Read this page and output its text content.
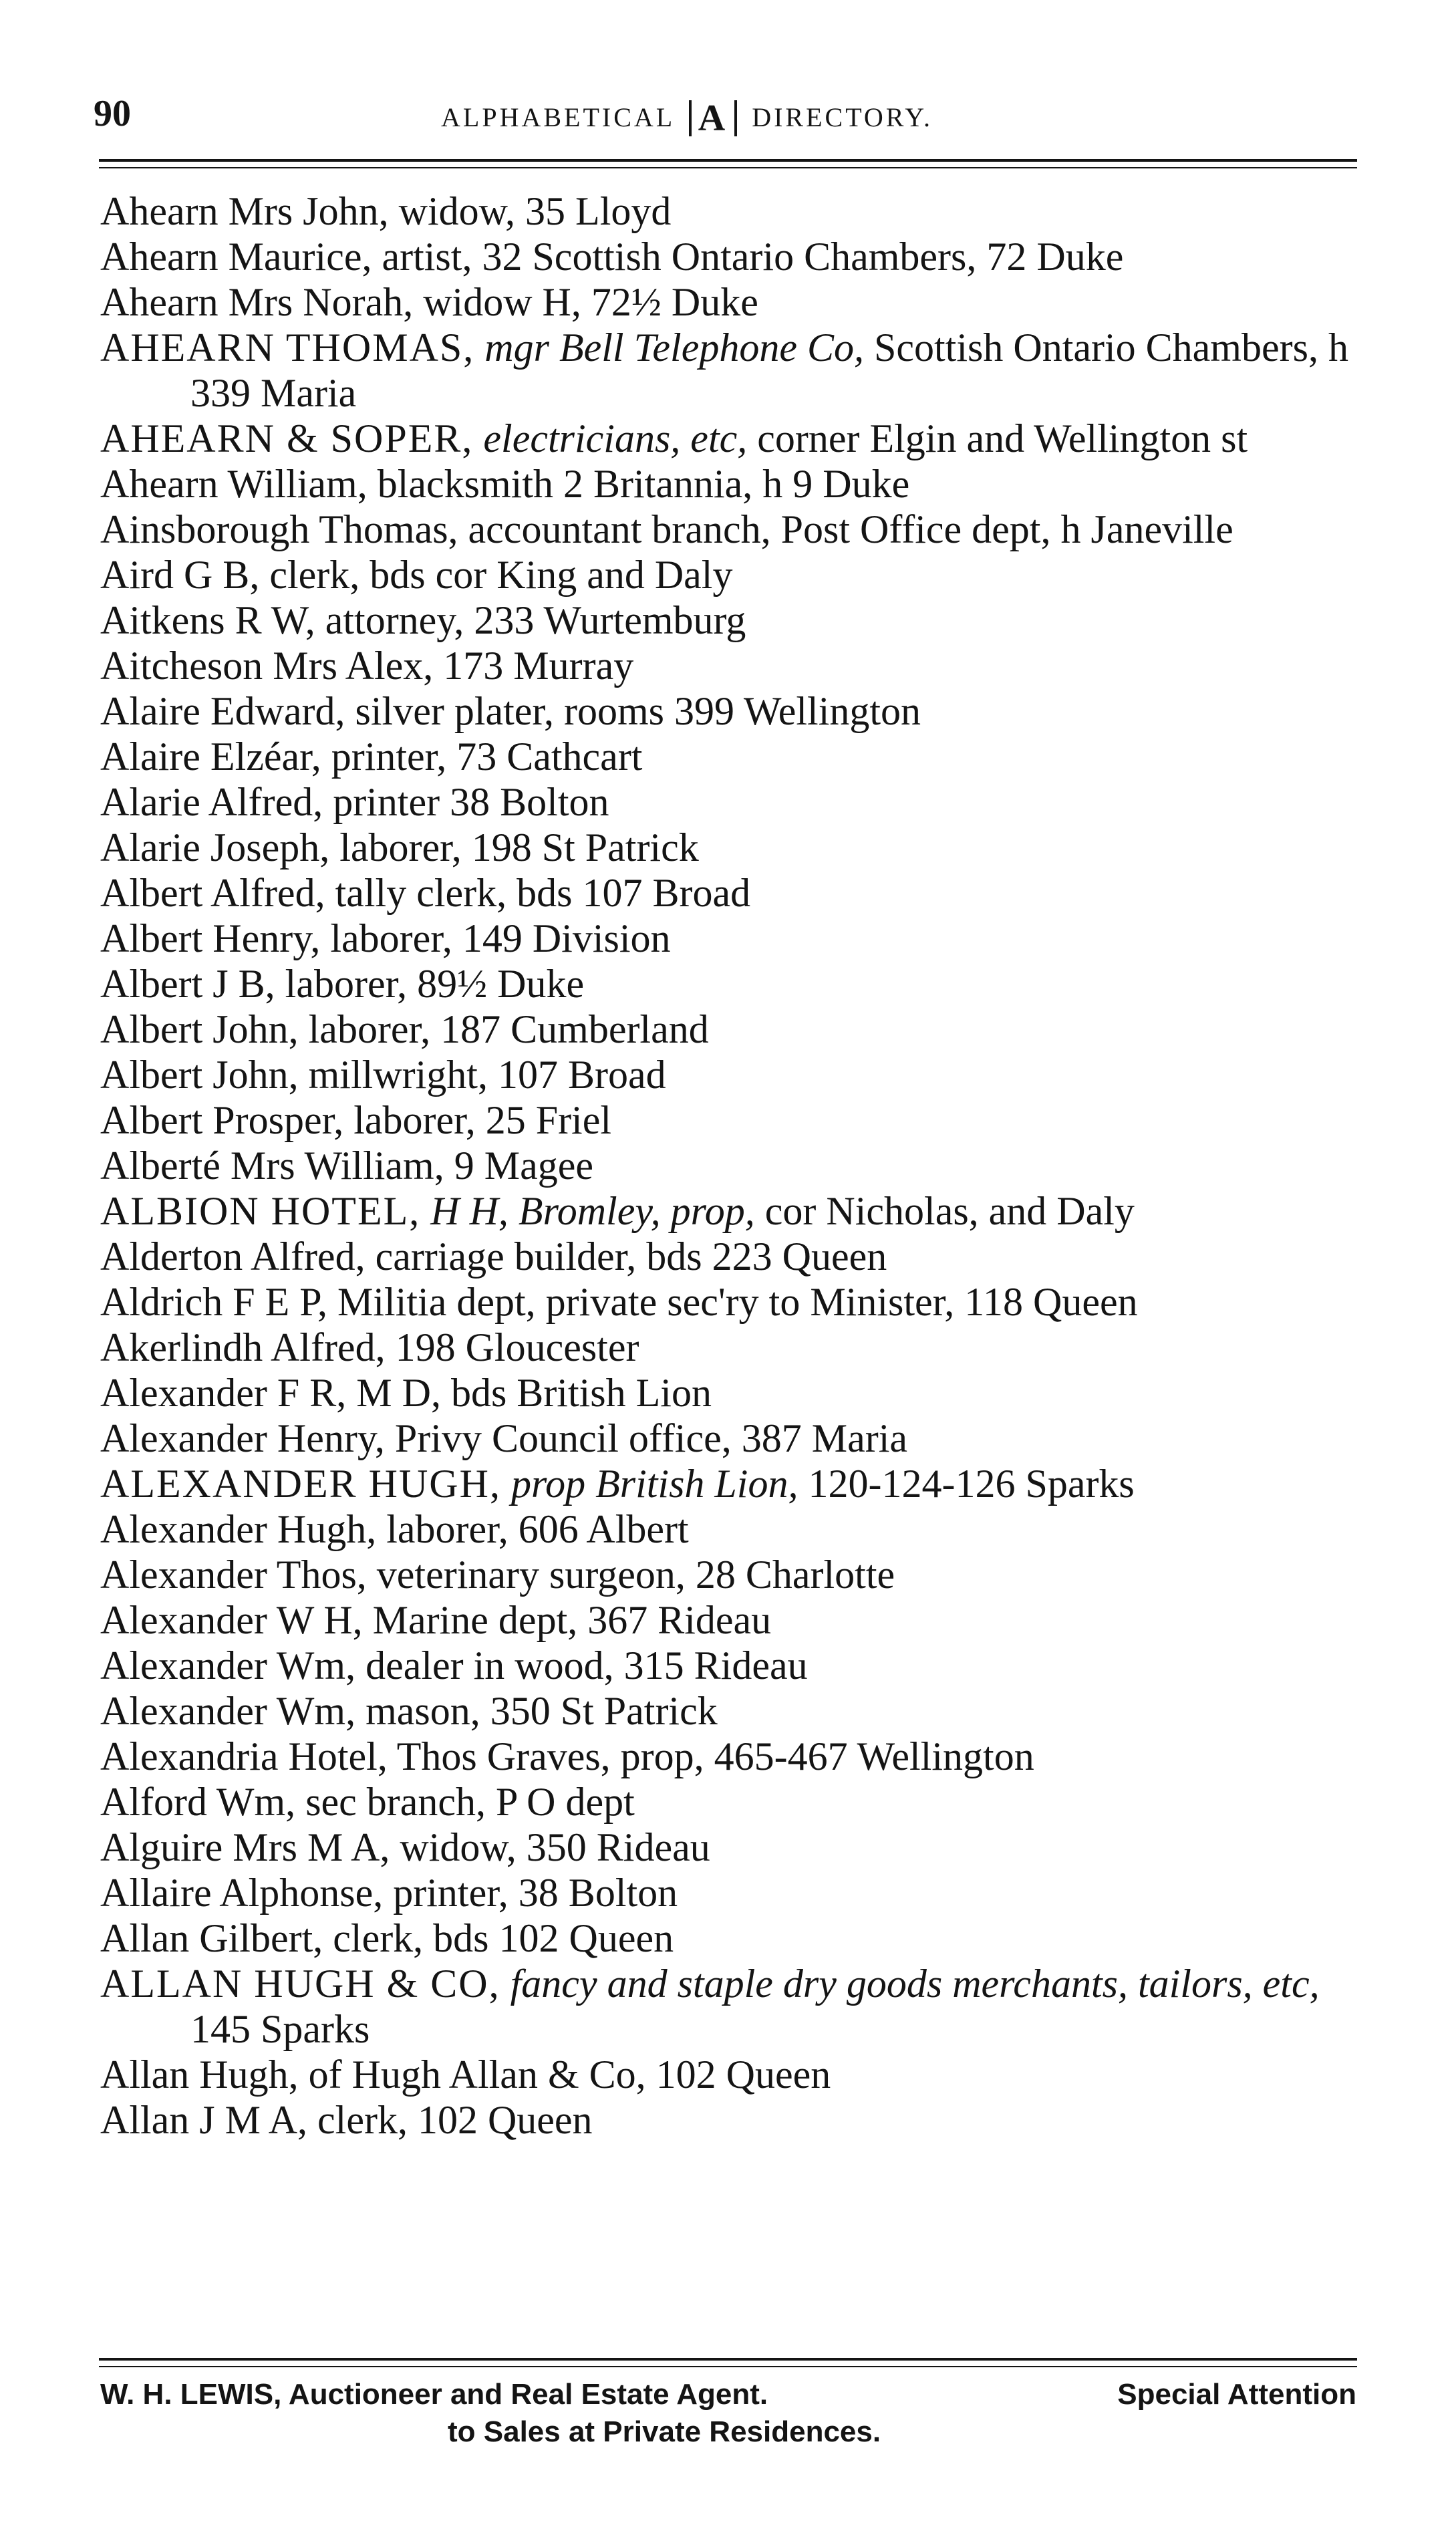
90	ALPHABETICAL A DIRECTORY.
Ahearn Mrs John, widow, 35 Lloyd
Ahearn Maurice, artist, 32 Scottish Ontario Chambers, 72 Duke
Ahearn Mrs Norah, widow H, 72½ Duke
AHEARN THOMAS, mgr Bell Telephone Co, Scottish Ontario Chambers, h 339 Maria
AHEARN & SOPER, electricians, etc, corner Elgin and Wellington st
Ahearn William, blacksmith 2 Britannia, h 9 Duke
Ainsborough Thomas, accountant branch, Post Office dept, h Janeville
Aird G B, clerk, bds cor King and Daly
Aitkens R W, attorney, 233 Wurtemburg
Aitcheson Mrs Alex, 173 Murray
Alaire Edward, silver plater, rooms 399 Wellington
Alaire Elzéar, printer, 73 Cathcart
Alarie Alfred, printer 38 Bolton
Alarie Joseph, laborer, 198 St Patrick
Albert Alfred, tally clerk, bds 107 Broad
Albert Henry, laborer, 149 Division
Albert J B, laborer, 89½ Duke
Albert John, laborer, 187 Cumberland
Albert John, millwright, 107 Broad
Albert Prosper, laborer, 25 Friel
Alberté Mrs William, 9 Magee
ALBION HOTEL, H H, Bromley, prop, cor Nicholas, and Daly
Alderton Alfred, carriage builder, bds 223 Queen
Aldrich F E P, Militia dept, private sec'ry to Minister, 118 Queen
Akerlindh Alfred, 198 Gloucester
Alexander F R, M D, bds British Lion
Alexander Henry, Privy Council office, 387 Maria
ALEXANDER HUGH, prop British Lion, 120-124-126 Sparks
Alexander Hugh, laborer, 606 Albert
Alexander Thos, veterinary surgeon, 28 Charlotte
Alexander W H, Marine dept, 367 Rideau
Alexander Wm, dealer in wood, 315 Rideau
Alexander Wm, mason, 350 St Patrick
Alexandria Hotel, Thos Graves, prop, 465-467 Wellington
Alford Wm, sec branch, P O dept
Alguire Mrs M A, widow, 350 Rideau
Allaire Alphonse, printer, 38 Bolton
Allan Gilbert, clerk, bds 102 Queen
ALLAN HUGH & CO, fancy and staple dry goods merchants, tailors, etc, 145 Sparks
Allan Hugh, of Hugh Allan & Co, 102 Queen
Allan J M A, clerk, 102 Queen
W. H. LEWIS, Auctioneer and Real Estate Agent.	Special Attention
to Sales at Private Residences.
